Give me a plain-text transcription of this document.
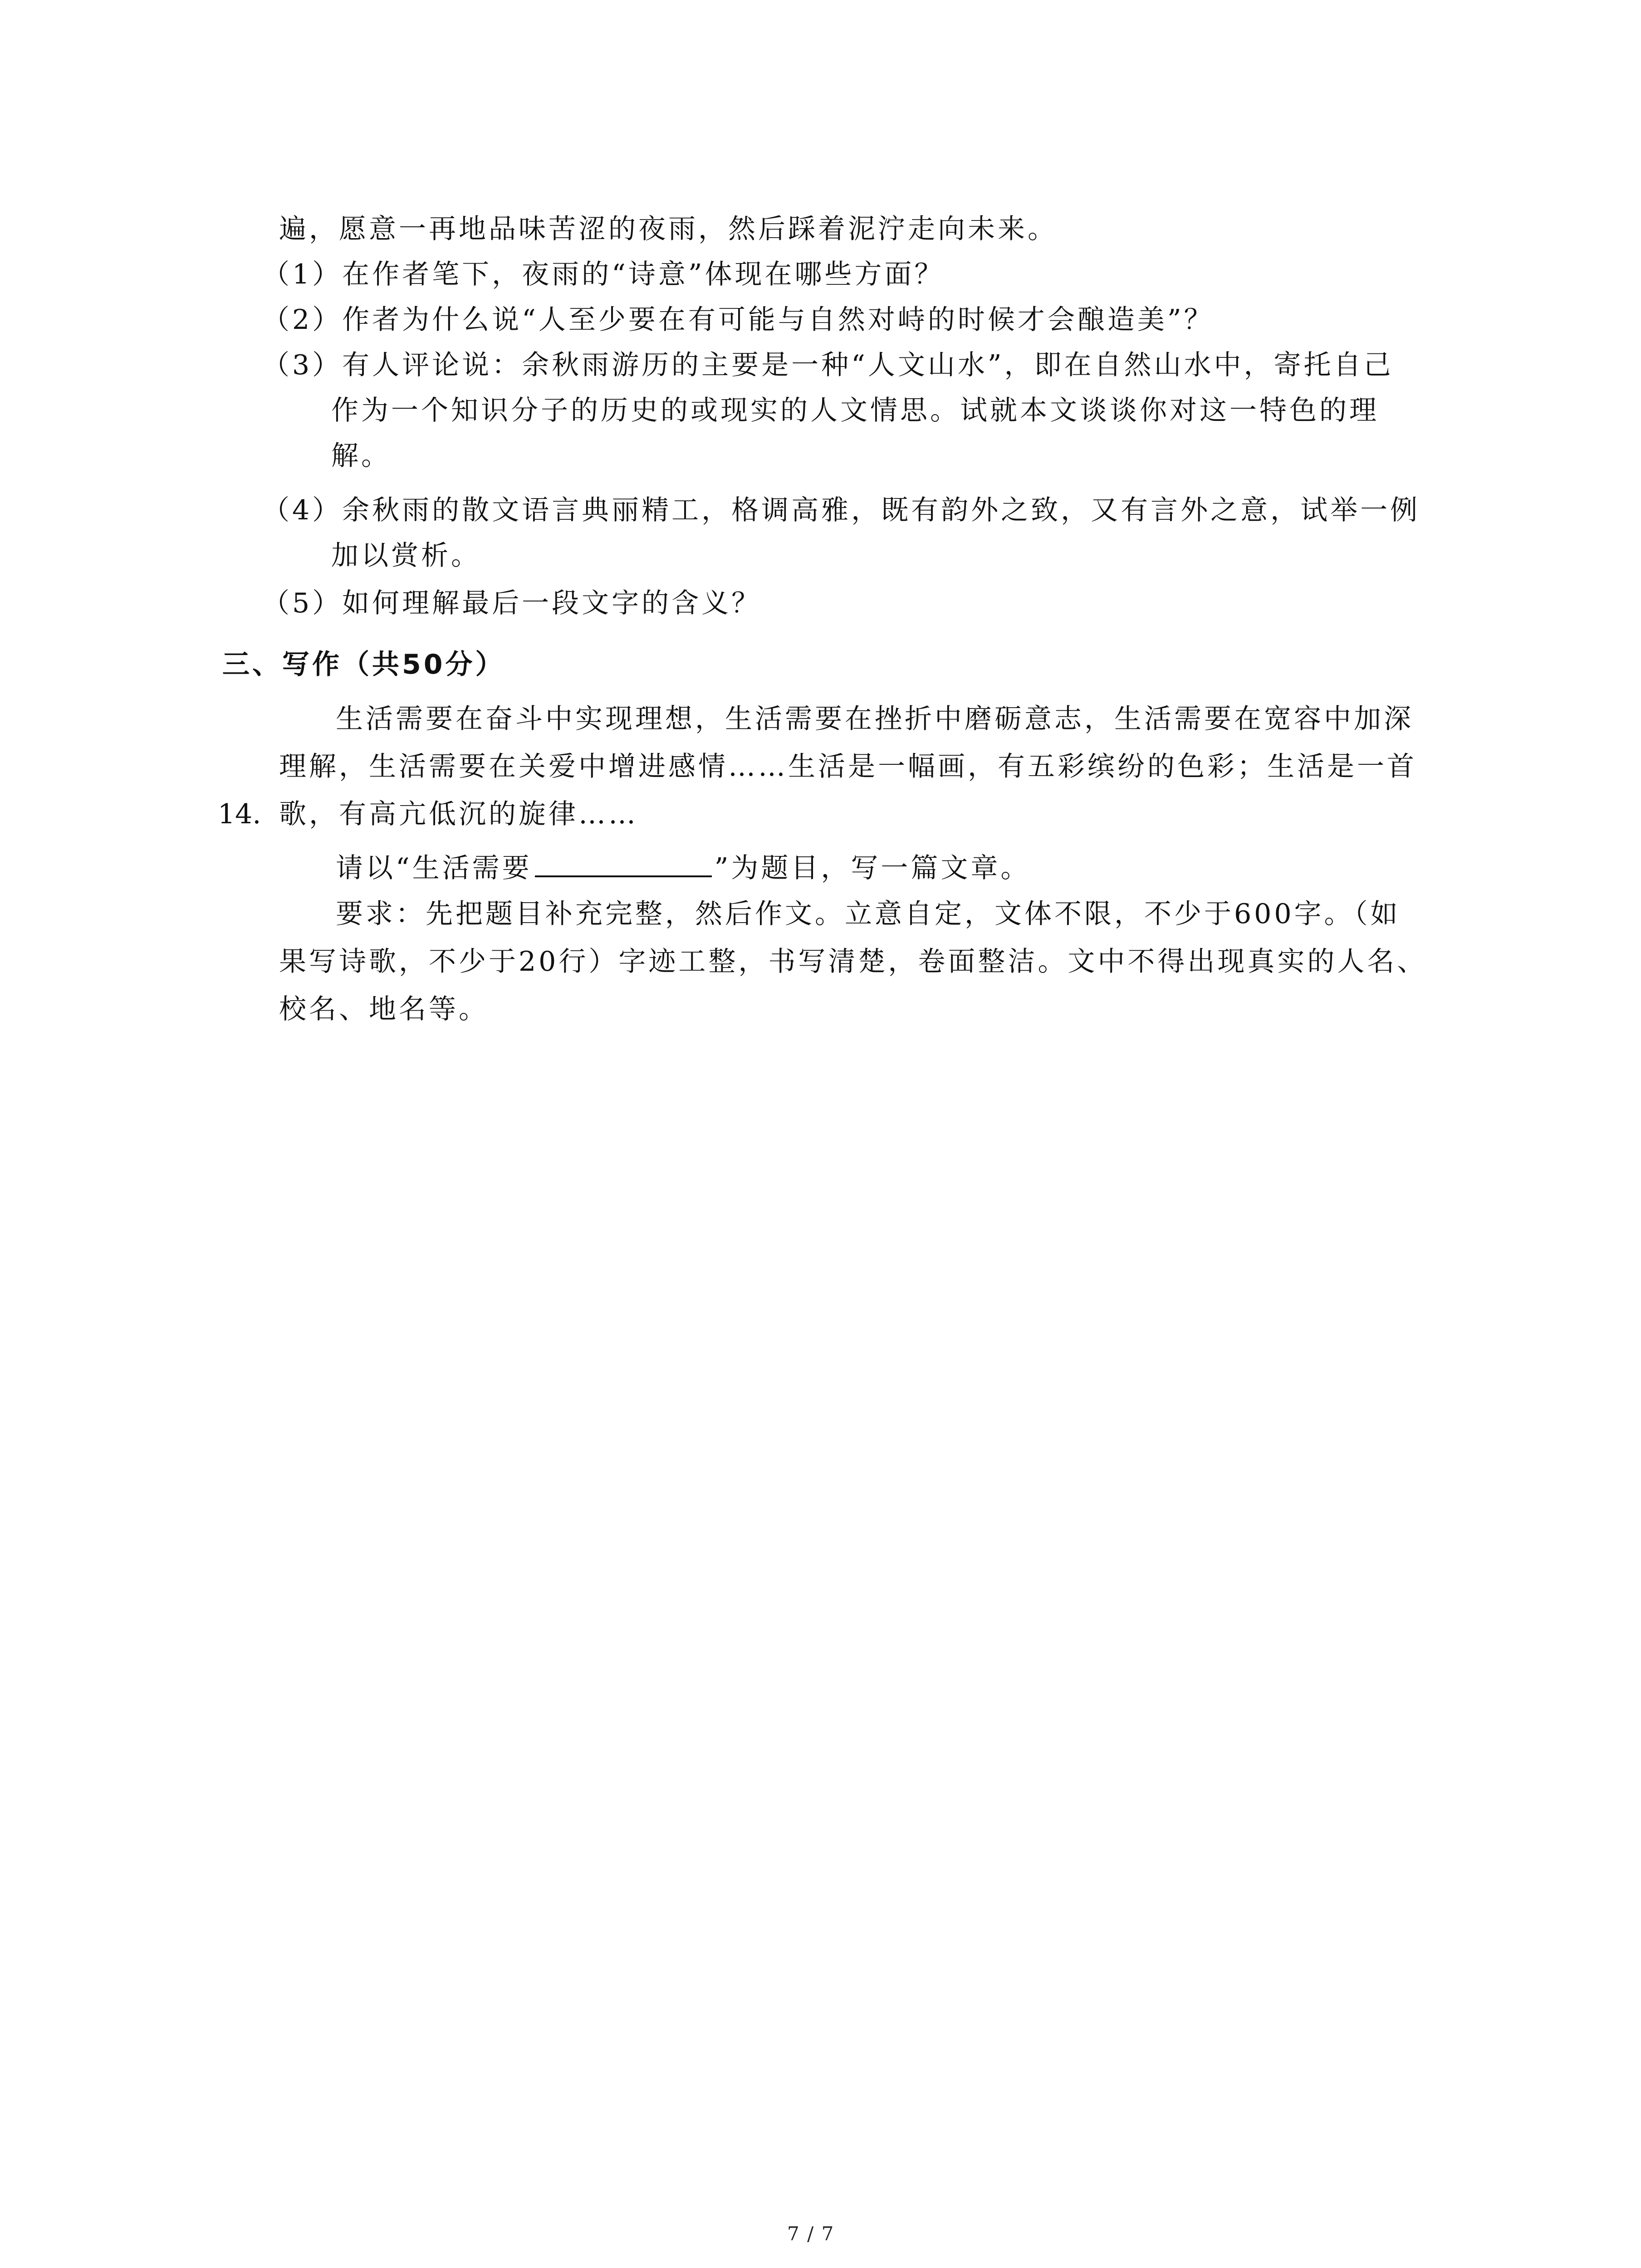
遍，愿意一再地品味苦涩的夜雨，然后踩着泥泞走向未来。
（1）在作者笔下，夜雨的“诗意”体现在哪些方面？
（2）作者为什么说“人至少要在有可能与自然对峙的时候才会酿造美”？
（3）有人评论说：余秋雨游历的主要是一种“人文山水”，即在自然山水中，寄托自己
作为一个知识分子的历史的或现实的人文情思。试就本文谈谈你对这一特色的理
解。
（4）余秋雨的散文语言典丽精工，格调高雅，既有韵外之致，又有言外之意，试举一例
加以赏析。
（5）如何理解最后一段文字的含义？
三、写作（共50分）
生活需要在奋斗中实现理想，生活需要在挫折中磨砺意志，生活需要在宽容中加深
理解，生活需要在关爱中增进感情……生活是一幅画，有五彩缤纷的色彩；生活是一首
14. 歌，有高亢低沉的旋律……
请以“生活需要	”为题目，写一篇文章。
要求：先把题目补充完整，然后作文。立意自定，文体不限，不少于600字。（如
果写诗歌，不少于20行）字迹工整，书写清楚，卷面整洁。文中不得出现真实的人名、
校名、地名等。
7 / 7
